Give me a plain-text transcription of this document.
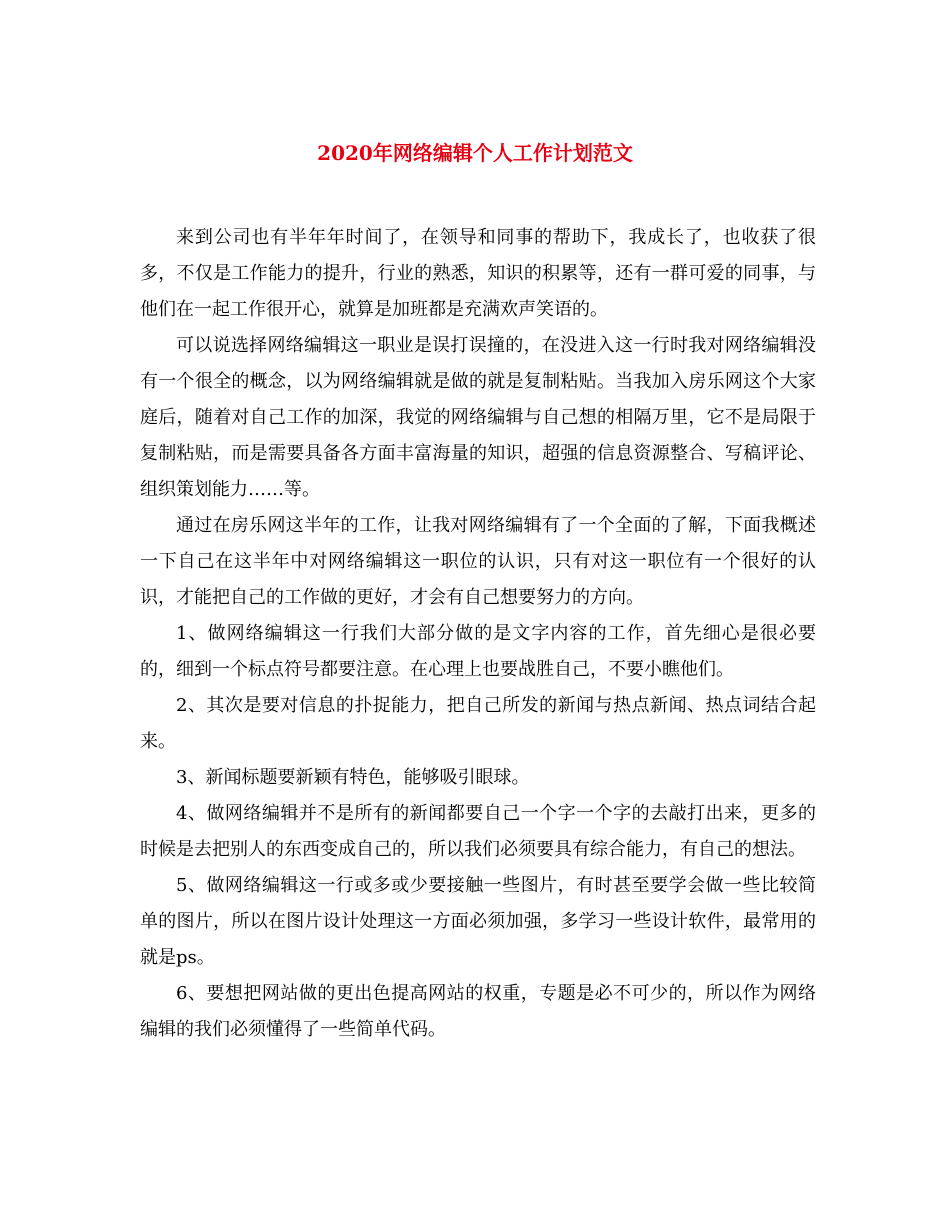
2020年网络编辑个人工作计划范文

来到公司也有半年年时间了，在领导和同事的帮助下，我成长了，也收获了很多，不仅是工作能力的提升，行业的熟悉，知识的积累等，还有一群可爱的同事，与他们在一起工作很开心，就算是加班都是充满欢声笑语的。

可以说选择网络编辑这一职业是误打误撞的，在没进入这一行时我对网络编辑没有一个很全的概念，以为网络编辑就是做的就是复制粘贴。当我加入房乐网这个大家庭后，随着对自己工作的加深，我觉的网络编辑与自己想的相隔万里，它不是局限于复制粘贴，而是需要具备各方面丰富海量的知识，超强的信息资源整合、写稿评论、组织策划能力……等。

通过在房乐网这半年的工作，让我对网络编辑有了一个全面的了解，下面我概述一下自己在这半年中对网络编辑这一职位的认识，只有对这一职位有一个很好的认识，才能把自己的工作做的更好，才会有自己想要努力的方向。

1、做网络编辑这一行我们大部分做的是文字内容的工作，首先细心是很必要的，细到一个标点符号都要注意。在心理上也要战胜自己，不要小瞧他们。

2、其次是要对信息的扑捉能力，把自己所发的新闻与热点新闻、热点词结合起来。

3、新闻标题要新颖有特色，能够吸引眼球。

4、做网络编辑并不是所有的新闻都要自己一个字一个字的去敲打出来，更多的时候是去把别人的东西变成自己的，所以我们必须要具有综合能力，有自己的想法。

5、做网络编辑这一行或多或少要接触一些图片，有时甚至要学会做一些比较简单的图片，所以在图片设计处理这一方面必须加强，多学习一些设计软件，最常用的就是ps。

6、要想把网站做的更出色提高网站的权重，专题是必不可少的，所以作为网络编辑的我们必须懂得了一些简单代码。
